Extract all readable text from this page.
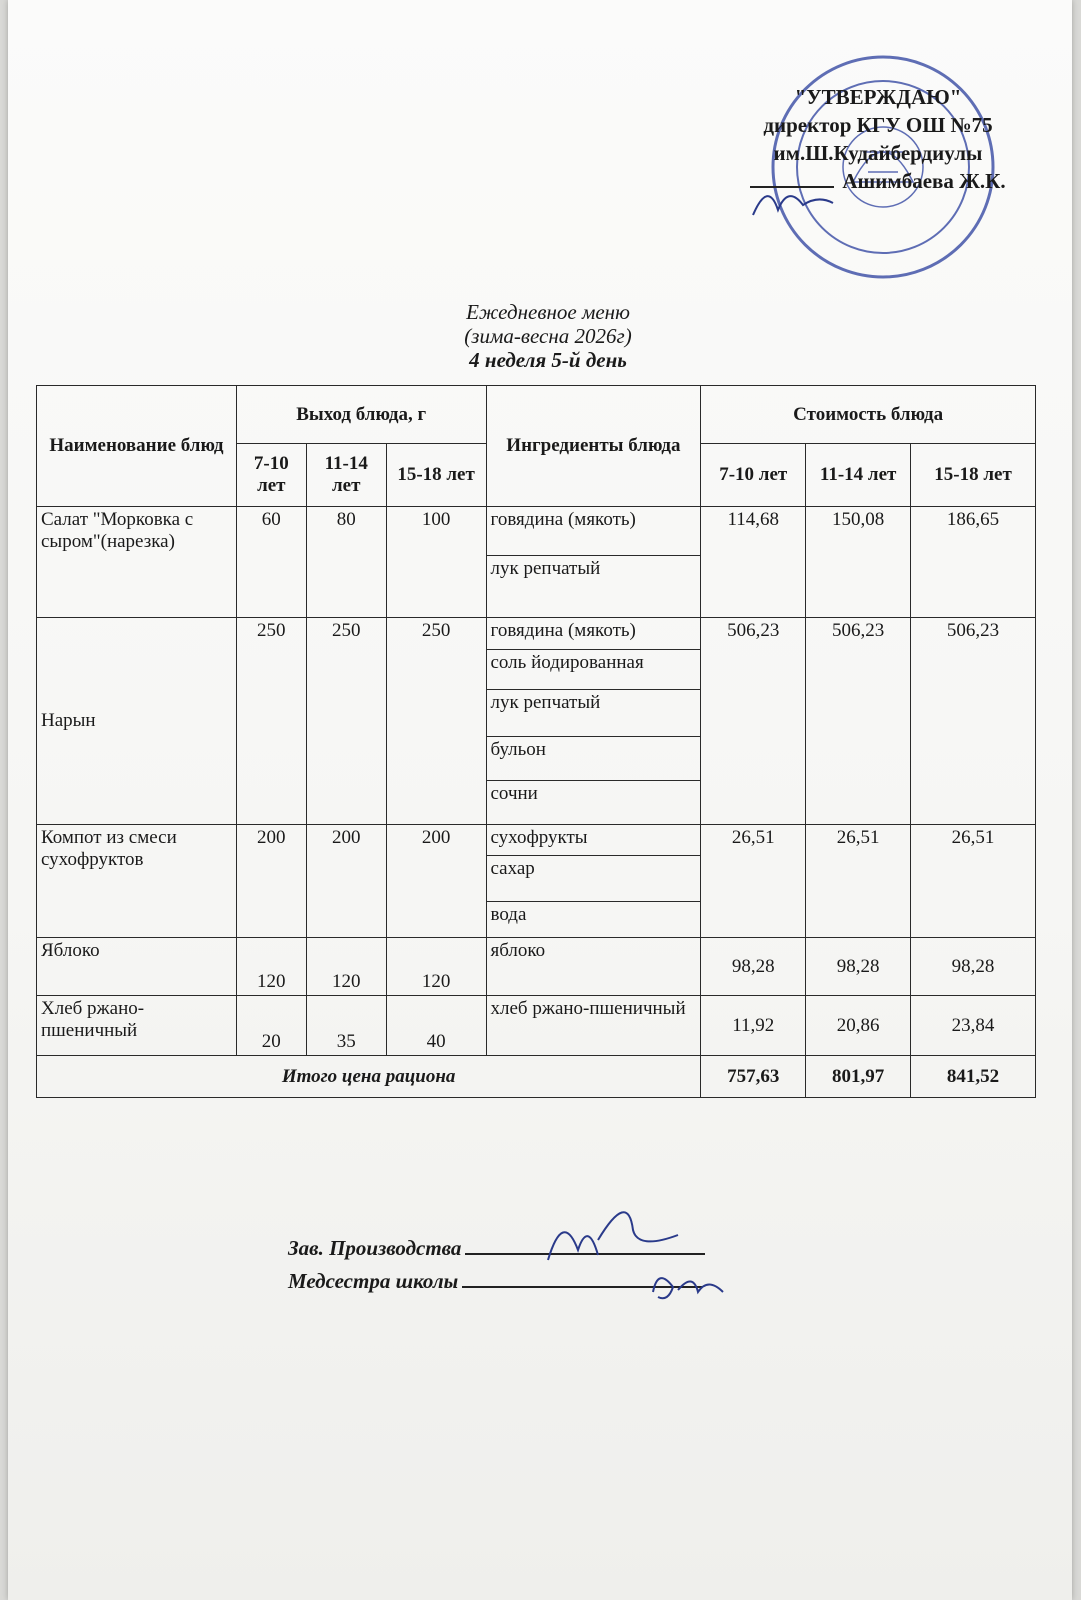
"УТВЕРЖДАЮ"
директор КГУ ОШ №75
им.Ш.Кудайбердиулы
Ашимбаева Ж.К.
Ежедневное меню
(зима-весна 2026г)
4 неделя 5-й день
Наименование блюд	Выход блюда, г			Ингредиенты блюда	Стоимость блюда		
	7-10 лет	11-14 лет	15-18 лет		7-10 лет	11-14 лет	15-18 лет
Салат "Морковка с сыром"(нарезка)	60	80	100	говядина (мякоть)	114,68	150,08	186,65
				лук репчатый			
Нарын	250	250	250	говядина (мякоть)	506,23	506,23	506,23
				соль йодированная			
				лук репчатый			
				бульон			
				сочни			
Компот из смеси сухофруктов	200	200	200	сухофрукты	26,51	26,51	26,51
				сахар			
				вода			
Яблоко	120	120	120	яблоко	98,28	98,28	98,28
Хлеб ржано-пшеничный	20	35	40	хлеб ржано-пшеничный	11,92	20,86	23,84
Итого цена рациона					757,63	801,97	841,52
Зав. Производства
Медсестра школы
